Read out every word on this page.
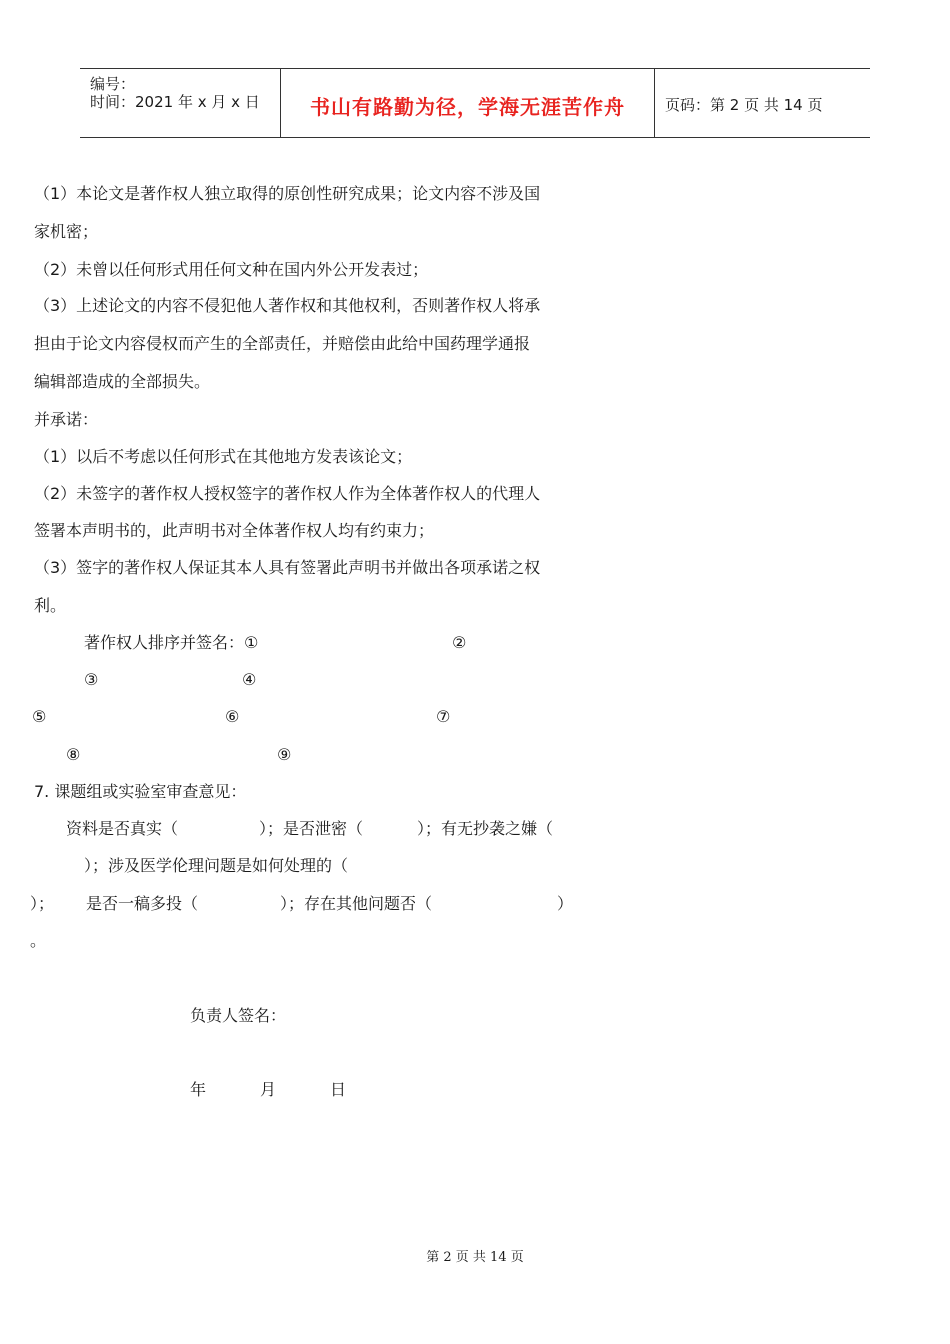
编号：
时间：2021 年 x 月 x 日	书山有路勤为径，学海无涯苦作舟	页码：第 2 页 共 14 页
（1）本论文是著作权人独立取得的原创性研究成果；论文内容不涉及国
家机密；
（2）未曾以任何形式用任何文种在国内外公开发表过；
（3）上述论文的内容不侵犯他人著作权和其他权利，否则著作权人将承
担由于论文内容侵权而产生的全部责任，并赔偿由此给中国药理学通报
编辑部造成的全部损失。
并承诺：
（1）以后不考虑以任何形式在其他地方发表该论文；
（2）未签字的著作权人授权签字的著作权人作为全体著作权人的代理人
签署本声明书的，此声明书对全体著作权人均有约束力；
（3）签字的著作权人保证其本人具有签署此声明书并做出各项承诺之权
利。
著作权人排序并签名：①	②
③	④
⑤	⑥	⑦
⑧	⑨
7. 课题组或实验室审查意见：
资料是否真实（	）；是否泄密（	）；有无抄袭之嫌（
）；涉及医学伦理问题是如何处理的（
）； 是否一稿多投（	）；存在其他问题否（	）
。
负责人签名：
年	月	日
第 2 页 共 14 页
